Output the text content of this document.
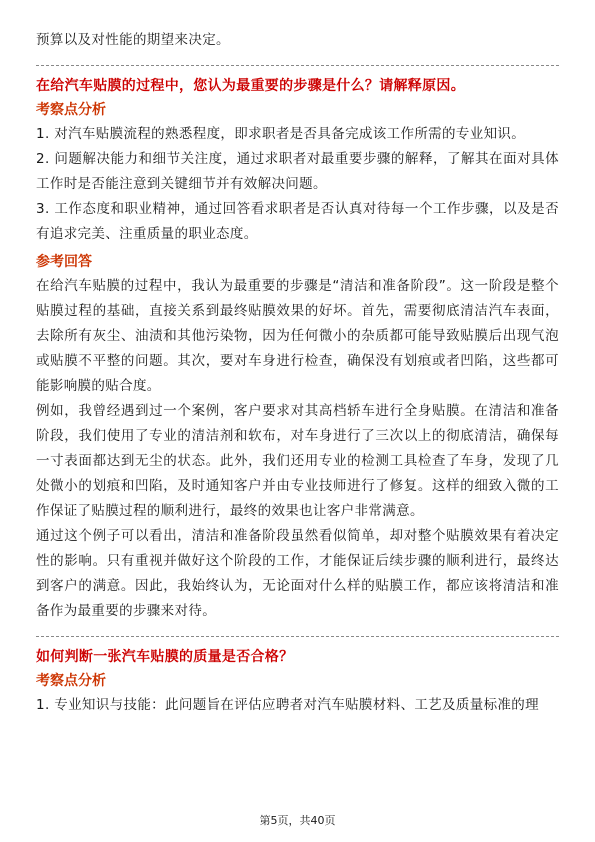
预算以及对性能的期望来决定。

在给汽车贴膜的过程中，您认为最重要的步骤是什么？请解释原因。

考察点分析

1. 对汽车贴膜流程的熟悉程度，即求职者是否具备完成该工作所需的专业知识。

2. 问题解决能力和细节关注度，通过求职者对最重要步骤的解释，了解其在面对具体工作时是否能注意到关键细节并有效解决问题。

3. 工作态度和职业精神，通过回答看求职者是否认真对待每一个工作步骤，以及是否有追求完美、注重质量的职业态度。

参考回答

在给汽车贴膜的过程中，我认为最重要的步骤是“清洁和准备阶段”。这一阶段是整个贴膜过程的基础，直接关系到最终贴膜效果的好坏。首先，需要彻底清洁汽车表面，去除所有灰尘、油渍和其他污染物，因为任何微小的杂质都可能导致贴膜后出现气泡或贴膜不平整的问题。其次，要对车身进行检查，确保没有划痕或者凹陷，这些都可能影响膜的贴合度。

例如，我曾经遇到过一个案例，客户要求对其高档轿车进行全身贴膜。在清洁和准备阶段，我们使用了专业的清洁剂和软布，对车身进行了三次以上的彻底清洁，确保每一寸表面都达到无尘的状态。此外，我们还用专业的检测工具检查了车身，发现了几处微小的划痕和凹陷，及时通知客户并由专业技师进行了修复。这样的细致入微的工作保证了贴膜过程的顺利进行，最终的效果也让客户非常满意。

通过这个例子可以看出，清洁和准备阶段虽然看似简单，却对整个贴膜效果有着决定性的影响。只有重视并做好这个阶段的工作，才能保证后续步骤的顺利进行，最终达到客户的满意。因此，我始终认为，无论面对什么样的贴膜工作，都应该将清洁和准备作为最重要的步骤来对待。

如何判断一张汽车贴膜的质量是否合格？

考察点分析

1. 专业知识与技能：此问题旨在评估应聘者对汽车贴膜材料、工艺及质量标准的理

第5页，共40页
